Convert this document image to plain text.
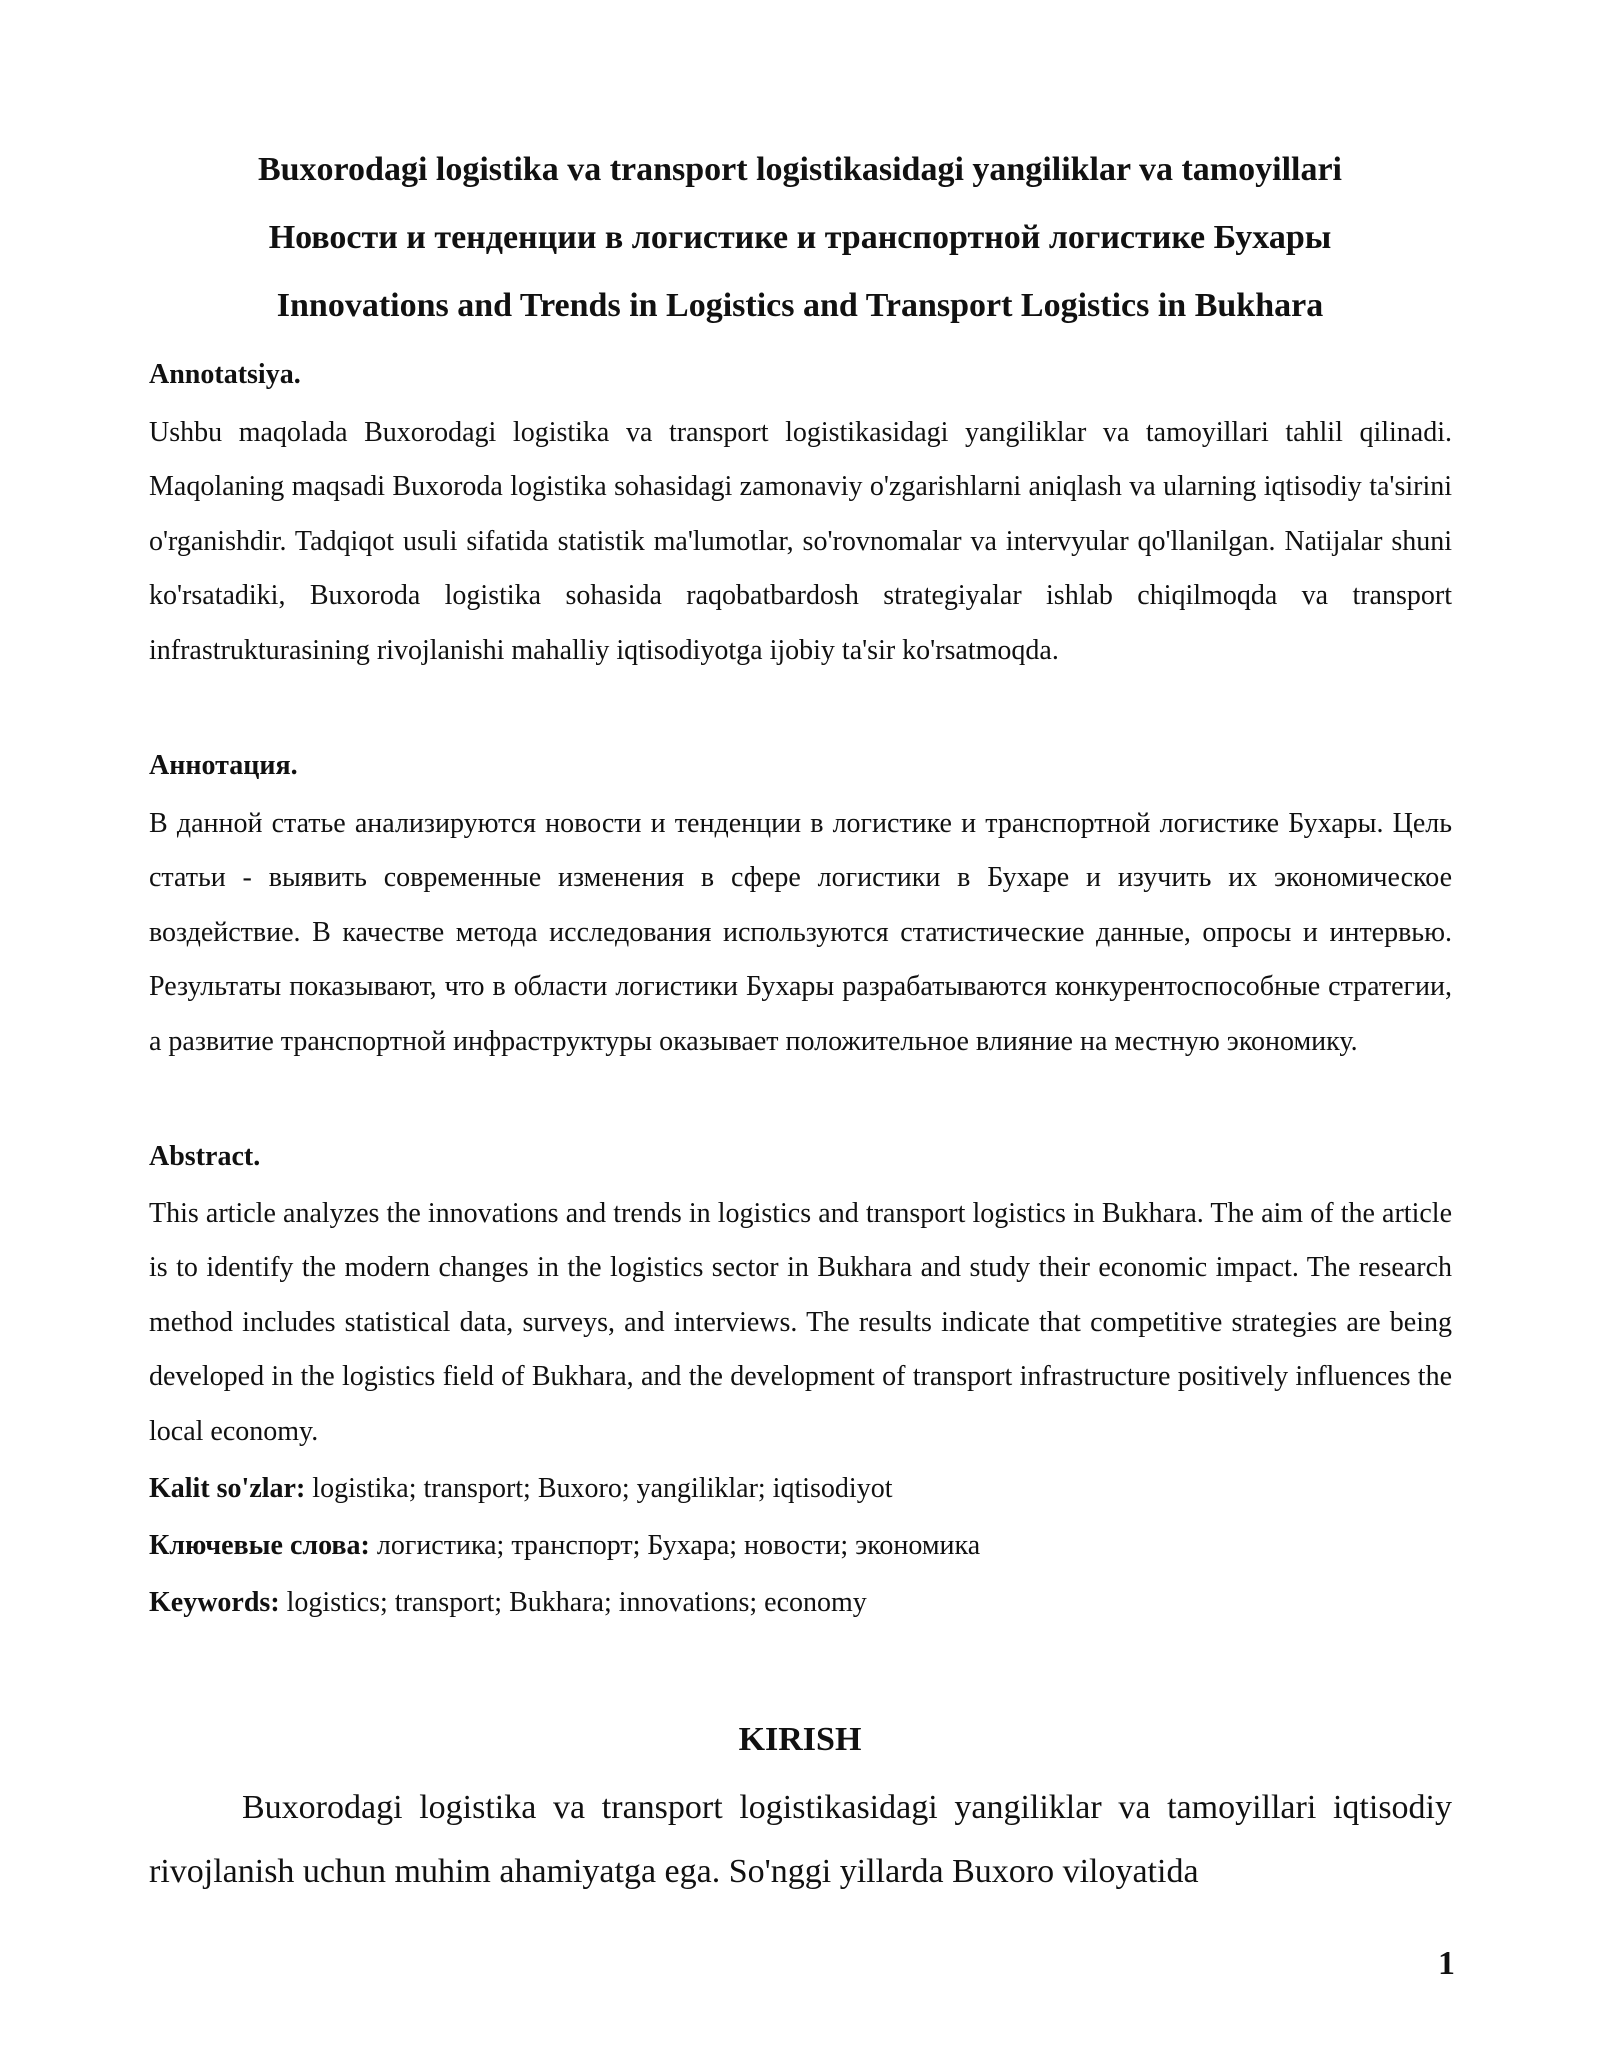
Buxorodagi logistika va transport logistikasidagi yangiliklar va tamoyillari
Новости и тенденции в логистике и транспортной логистике Бухары
Innovations and Trends in Logistics and Transport Logistics in Bukhara
Annotatsiya.

Ushbu maqolada Buxorodagi logistika va transport logistikasidagi yangiliklar va tamoyillari tahlil qilinadi. Maqolaning maqsadi Buxoroda logistika sohasidagi zamonaviy o'zgarishlarni aniqlash va ularning iqtisodiy ta'sirini o'rganishdir. Tadqiqot usuli sifatida statistik ma'lumotlar, so'rovnomalar va intervyular qo'llanilgan. Natijalar shuni ko'rsatadiki, Buxoroda logistika sohasida raqobatbardosh strategiyalar ishlab chiqilmoqda va transport infrastrukturasining rivojlanishi mahalliy iqtisodiyotga ijobiy ta'sir ko'rsatmoqda.

Аннотация.

В данной статье анализируются новости и тенденции в логистике и транспортной логистике Бухары. Цель статьи - выявить современные изменения в сфере логистики в Бухаре и изучить их экономическое воздействие. В качестве метода исследования используются статистические данные, опросы и интервью. Результаты показывают, что в области логистики Бухары разрабатываются конкурентоспособные стратегии, а развитие транспортной инфраструктуры оказывает положительное влияние на местную экономику.

Abstract.

This article analyzes the innovations and trends in logistics and transport logistics in Bukhara. The aim of the article is to identify the modern changes in the logistics sector in Bukhara and study their economic impact. The research method includes statistical data, surveys, and interviews. The results indicate that competitive strategies are being developed in the logistics field of Bukhara, and the development of transport infrastructure positively influences the local economy.

Kalit so'zlar: logistika; transport; Buxoro; yangiliklar; iqtisodiyot
Ключевые слова: логистика; транспорт; Бухара; новости; экономика
Keywords: logistics; transport; Bukhara; innovations; economy
KIRISH

Buxorodagi logistika va transport logistikasidagi yangiliklar va tamoyillari iqtisodiy rivojlanish uchun muhim ahamiyatga ega. So'nggi yillarda Buxoro viloyatida

1
